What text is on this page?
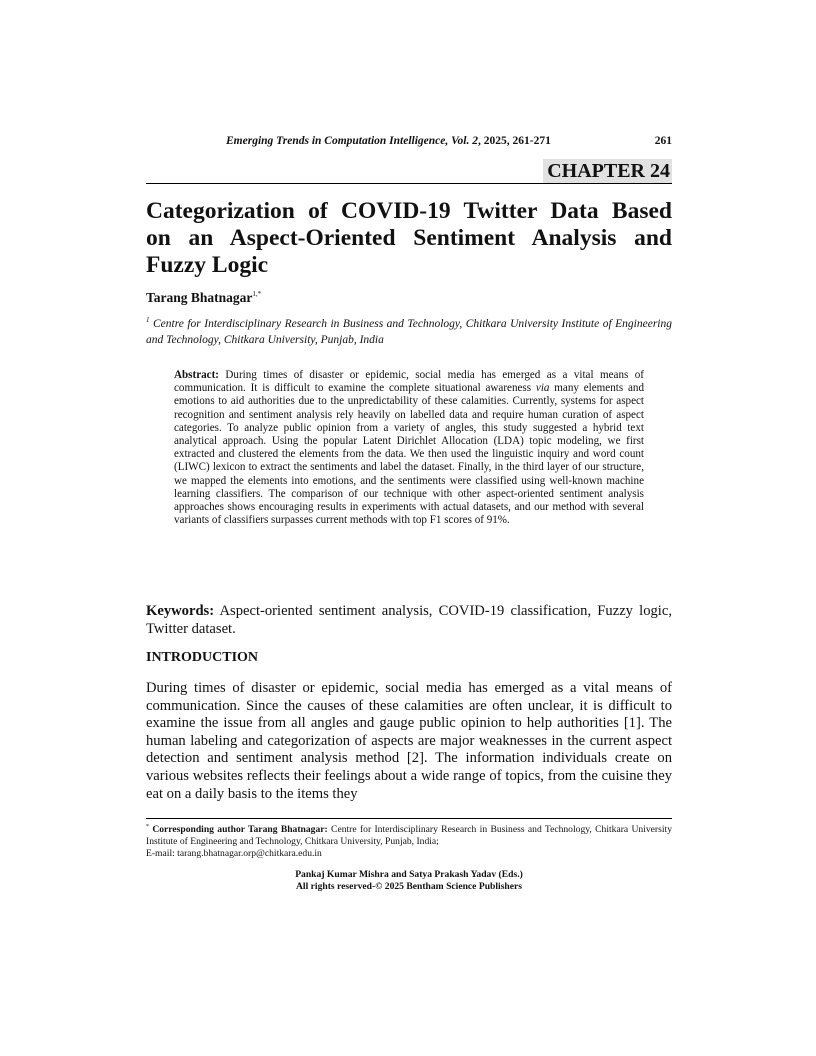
Emerging Trends in Computation Intelligence, Vol. 2, 2025, 261-271	261
CHAPTER 24
Categorization of COVID-19 Twitter Data Based
on an Aspect-Oriented Sentiment Analysis and
Fuzzy Logic
Tarang Bhatnagar$^{1,*}$
$^1$ Centre for Interdisciplinary Research in Business and Technology, Chitkara University Institute of Engineering and Technology, Chitkara University, Punjab, India
Abstract: During times of disaster or epidemic, social media has emerged as a vital means of communication. It is difficult to examine the complete situational awareness via many elements and emotions to aid authorities due to the unpredictability of these calamities. Currently, systems for aspect recognition and sentiment analysis rely heavily on labelled data and require human curation of aspect categories. To analyze public opinion from a variety of angles, this study suggested a hybrid text analytical approach. Using the popular Latent Dirichlet Allocation (LDA) topic modeling, we first extracted and clustered the elements from the data. We then used the linguistic inquiry and word count (LIWC) lexicon to extract the sentiments and label the dataset. Finally, in the third layer of our structure, we mapped the elements into emotions, and the sentiments were classified using well-known machine learning classifiers. The comparison of our technique with other aspect-oriented sentiment analysis approaches shows encouraging results in experiments with actual datasets, and our method with several variants of classifiers surpasses current methods with top F1 scores of 91%.
Keywords: Aspect-oriented sentiment analysis, COVID-19 classification, Fuzzy logic, Twitter dataset.
INTRODUCTION
During times of disaster or epidemic, social media has emerged as a vital means of communication. Since the causes of these calamities are often unclear, it is difficult to examine the issue from all angles and gauge public opinion to help authorities [1]. The human labeling and categorization of aspects are major weaknesses in the current aspect detection and sentiment analysis method [2]. The information individuals create on various websites reflects their feelings about a wide range of topics, from the cuisine they eat on a daily basis to the items they
* Corresponding author Tarang Bhatnagar: Centre for Interdisciplinary Research in Business and Technology, Chitkara University Institute of Engineering and Technology, Chitkara University, Punjab, India;
E-mail: tarang.bhatnagar.orp@chitkara.edu.in
Pankaj Kumar Mishra and Satya Prakash Yadav (Eds.)
All rights reserved-© 2025 Bentham Science Publishers
